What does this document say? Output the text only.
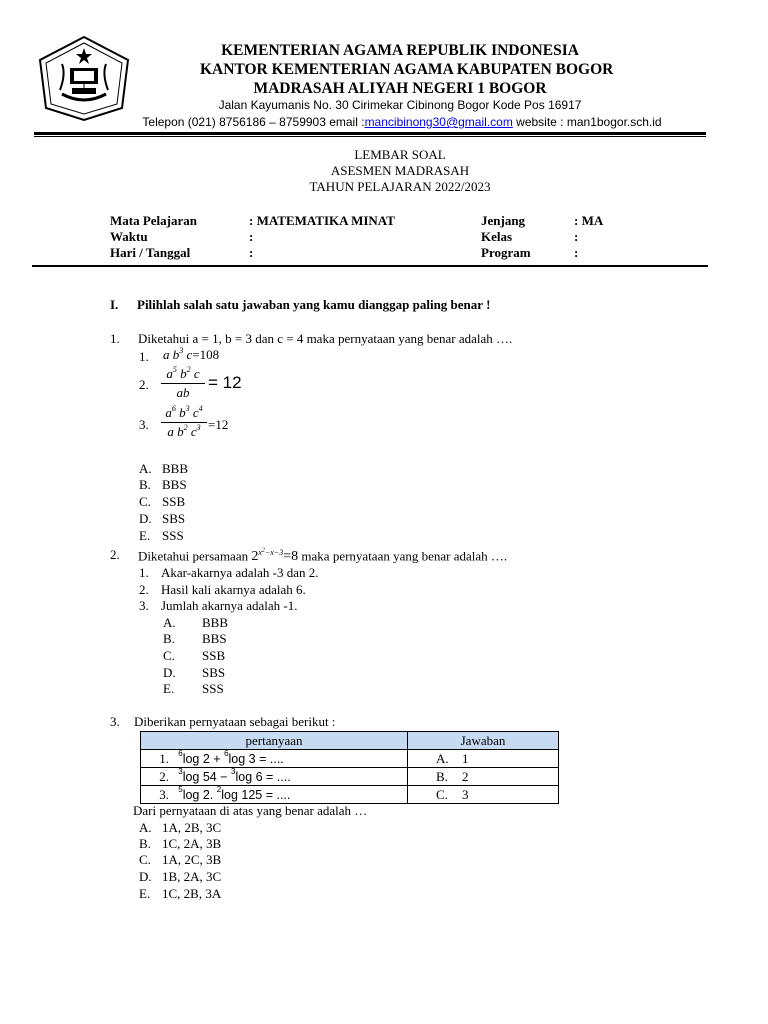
KEMENTERIAN AGAMA REPUBLIK INDONESIA
KANTOR KEMENTERIAN AGAMA KABUPATEN BOGOR
MADRASAH ALIYAH NEGERI 1 BOGOR
Jalan Kayumanis No. 30 Cirimekar Cibinong Bogor Kode Pos 16917
Telepon (021) 8756186 – 8759903 email :mancibinong30@gmail.com website : man1bogor.sch.id
LEMBAR SOAL
ASESMEN MADRASAH
TAHUN PELAJARAN 2022/2023
Mata Pelajaran	: MATEMATIKA MINAT
Waktu	:
Hari / Tanggal	:
Jenjang	: MA
Kelas	:
Program	:
I. Pilihlah salah satu jawaban yang kamu dianggap paling benar !
1. Diketahui a = 1, b = 3 dan c = 4 maka pernyataan yang benar adalah ….
1. a $b^3$ c=108
2.
$a^5$ $b^2$ c
ab
= 12
3.
$a^6$ $b^3$ $c^4$
a $b^2$ $c^3 =12$
A. BBB
B. BBS
C. SSB
D. SBS
E. SSS
2. Diketahui persamaan $2^{x^2-x-3}=8$ maka pernyataan yang benar adalah ….
1. Akar-akarnya adalah -3 dan 2.
2. Hasil kali akarnya adalah 6.
3. Jumlah akarnya adalah -1.
A. BBB
B. BBS
C. SSB
D. SBS
E. SSS
3. Diberikan pernyataan sebagai berikut :
pertanyaan	Jawaban
1. $^6$log 2 + $^6$log 3 = ....	A. 1
2. $^3$log 54 − $^3$log 6 = ....	B. 2
3. $^5$log 2. $^2$log 125 = ....	C. 3
Dari pernyataan di atas yang benar adalah …
A. 1A, 2B, 3C
B. 1C, 2A, 3B
C. 1A, 2C, 3B
D. 1B, 2A, 3C
E. 1C, 2B, 3A
